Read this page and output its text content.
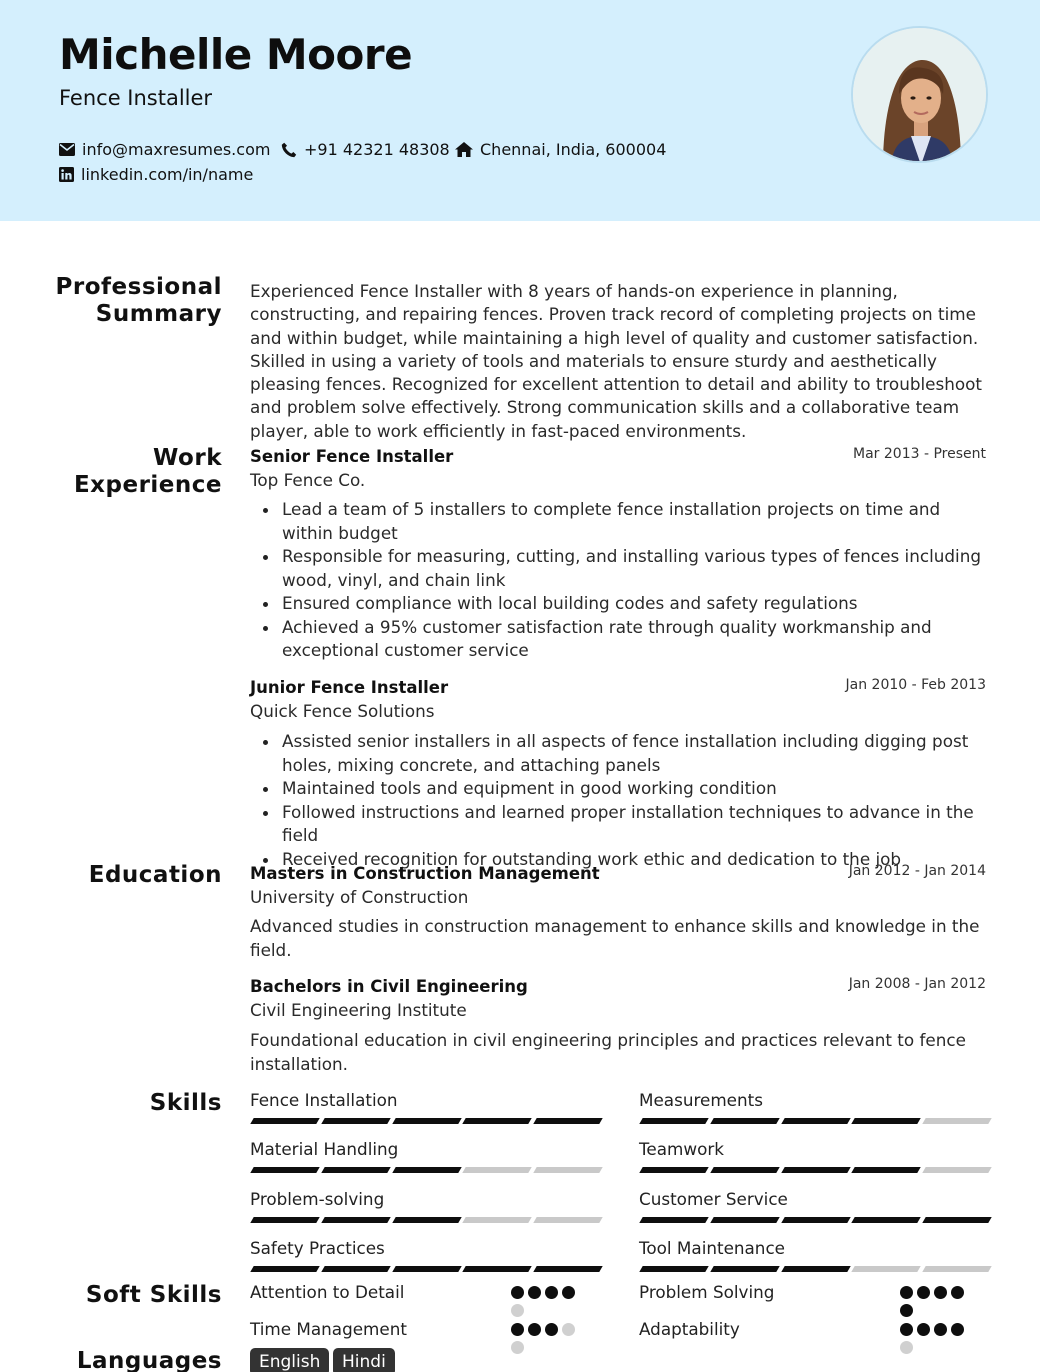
Michelle Moore
Fence Installer
info@maxresumes.com +91 42321 48308 Chennai, India, 600004
linkedin.com/in/name
Professional Summary
Experienced Fence Installer with 8 years of hands-on experience in planning, constructing, and repairing fences. Proven track record of completing projects on time and within budget, while maintaining a high level of quality and customer satisfaction. Skilled in using a variety of tools and materials to ensure sturdy and aesthetically pleasing fences. Recognized for excellent attention to detail and ability to troubleshoot and problem solve effectively. Strong communication skills and a collaborative team player, able to work efficiently in fast-paced environments.
Work Experience
Senior Fence Installer	Mar 2013 - Present
Top Fence Co.
Lead a team of 5 installers to complete fence installation projects on time and within budget
Responsible for measuring, cutting, and installing various types of fences including wood, vinyl, and chain link
Ensured compliance with local building codes and safety regulations
Achieved a 95% customer satisfaction rate through quality workmanship and exceptional customer service
Junior Fence Installer	Jan 2010 - Feb 2013
Quick Fence Solutions
Assisted senior installers in all aspects of fence installation including digging post holes, mixing concrete, and attaching panels
Maintained tools and equipment in good working condition
Followed instructions and learned proper installation techniques to advance in the field
Received recognition for outstanding work ethic and dedication to the job
Education Masters in Construction Management	Jan 2012 - Jan 2014
University of Construction
Advanced studies in construction management to enhance skills and knowledge in the field.
Bachelors in Civil Engineering	Jan 2008 - Jan 2012
Civil Engineering Institute
Foundational education in civil engineering principles and practices relevant to fence installation.
Skills Fence Installation	Measurements
Material Handling	Teamwork
Problem-solving	Customer Service
Safety Practices	Tool Maintenance
Soft Skills Attention to Detail	Problem Solving
Time Management	Adaptability
Languages	English	Hindi
